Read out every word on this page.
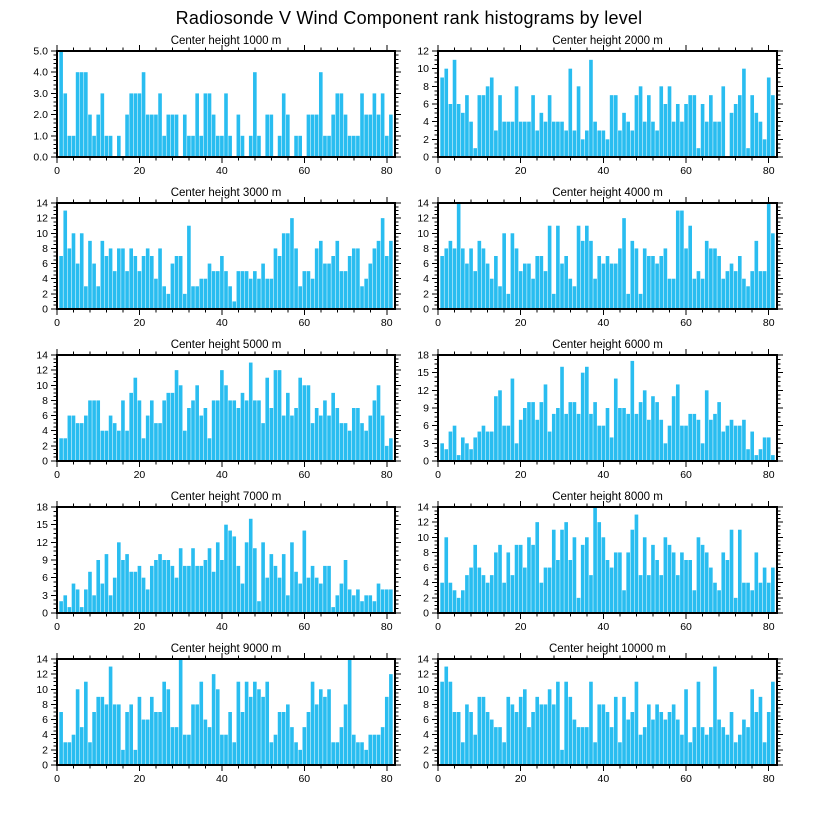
Radiosonde V Wind Component rank histograms by level
Center height 1000 m
0	20	40	60	80
0.0
1.0
2.0
3.0
4.0
5.0
Center height 2000 m
0	20	40	60	80
0
2
4
6
8
10
12
Center height 3000 m
0	20	40	60	80
0
2
4
6
8
10
12
14
Center height 4000 m
0	20	40	60	80
0
2
4
6
8
10
12
14
Center height 5000 m
0	20	40	60	80
0
2
4
6
8
10
12
14
Center height 6000 m
0	20	40	60	80
0
3
6
9
12
15
18
Center height 7000 m
0	20	40	60	80
0
3
6
9
12
15
18
Center height 8000 m
0	20	40	60	80
0
2
4
6
8
10
12
14
Center height 9000 m
0	20	40	60	80
0
2
4
6
8
10
12
14
Center height 10000 m
0	20	40	60	80
0
2
4
6
8
10
12
14
